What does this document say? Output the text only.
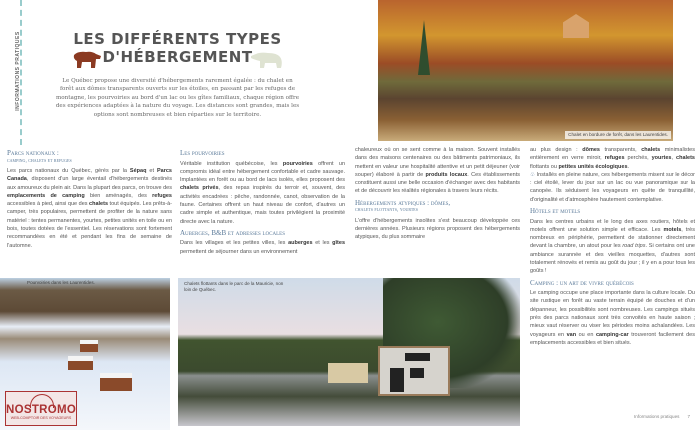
INFORMATIONS PRATIQUES	LES DIFFÉRENTS TYPES
D'HÉBERGEMENT
Le Québec propose une diversité d'hébergements rarement égalée : du chalet en forêt aux dômes transparents ouverts sur les étoiles, en passant par les refuges de montagne, les pourvoiries au bord d'un lac ou les gîtes familiaux, chaque région offre des expériences adaptées à la nature du voyage. Les distances sont grandes, mais les options sont nombreuses et bien réparties sur le territoire.
Chalet en bordure de forêt, dans les Laurentides.
Parcs nationaux :
camping, chalets et refuges

Les parcs nationaux du Québec, gérés par la Sépaq et Parcs Canada, disposent d'un large éventail d'hébergements destinés aux amoureux du plein air. Dans la plupart des parcs, on trouve des emplacements de camping bien aménagés, des refuges accessibles à pied, ainsi que des chalets tout équipés. Les prêts-à-camper, très populaires, permettent de profiter de la nature sans matériel : tentes permanentes, yourtes, petites unités en toile ou en bois, toutes dotées de l'essentiel. Les réservations sont fortement recommandées en été et pendant les fins de semaine de l'automne.

Les pourvoiries

Véritable institution québécoise, les pourvoiries offrent un compromis idéal entre hébergement confortable et cadre sauvage. Implantées en forêt ou au bord de lacs isolés, elles proposent des chalets privés, des repas inspirés du terroir et, souvent, des activités encadrées : pêche, randonnée, canot, observation de la faune. Certaines offrent un haut niveau de confort, d'autres un cadre simple et authentique, mais toutes privilégient la proximité directe avec la nature.

Auberges, B&B et adresses locales

Dans les villages et les petites villes, les auberges et les gîtes permettent de séjourner dans un environnement

chaleureux où on se sent comme à la maison. Souvent installés dans des maisons centenaires ou des bâtiments patrimoniaux, ils mettent en valeur une hospitalité attentive et un petit déjeuner (voir souper) élaboré à partir de produits locaux. Ces établissements constituent aussi une belle occasion d'échanger avec des habitants et de découvrir les réalités régionales à travers leurs récits.

Hébergements atypiques : dômes,
chalets flottants, yourtes

L'offre d'hébergements insolites s'est beaucoup développée ces dernières années. Plusieurs régions proposent des hébergements atypiques, du plus sommaire

au plus design : dômes transparents, chalets minimalistes entièrement en verre miroir, refuges perchés, yourtes, chalets flottants ou petites unités écologiques.

♧ Installés en pleine nature, ces hébergements misent sur le décor : ciel étoilé, lever du jour sur un lac ou vue panoramique sur la canopée. Ils séduisent les voyageurs en quête de tranquillité, d'originalité et d'atmosphère hautement contemplative.

Hôtels et motels

Dans les centres urbains et le long des axes routiers, hôtels et motels offrent une solution simple et efficace. Les motels, très nombreux en périphérie, permettent de stationner directement devant la chambre, un atout pour les road trips. Si certains ont une ambiance surannée et des vieilles moquettes, d'autres sont totalement rénovés et remis au goût du jour ; il y en a pour tous les goûts !

Camping : un art de vivre québécois

Le camping occupe une place importante dans la culture locale. Du site rustique en forêt au vaste terrain équipé de douches et d'un dépanneur, les possibilités sont nombreuses. Les campings situés près des parcs nationaux sont très convoités en haute saison ; mieux vaut réserver ou viser les périodes moins achalandées. Les voyageurs en van ou en camping-car trouveront facilement des emplacements accessibles et bien situés.

Pourvoiries dans les Laurentides.
NOSTROMO
WEB-COMPTOIR DES VOYAGEURS
Chalets flottants dans le parc de la Mauricie, non loin de Québec.
Informations pratiques 7
